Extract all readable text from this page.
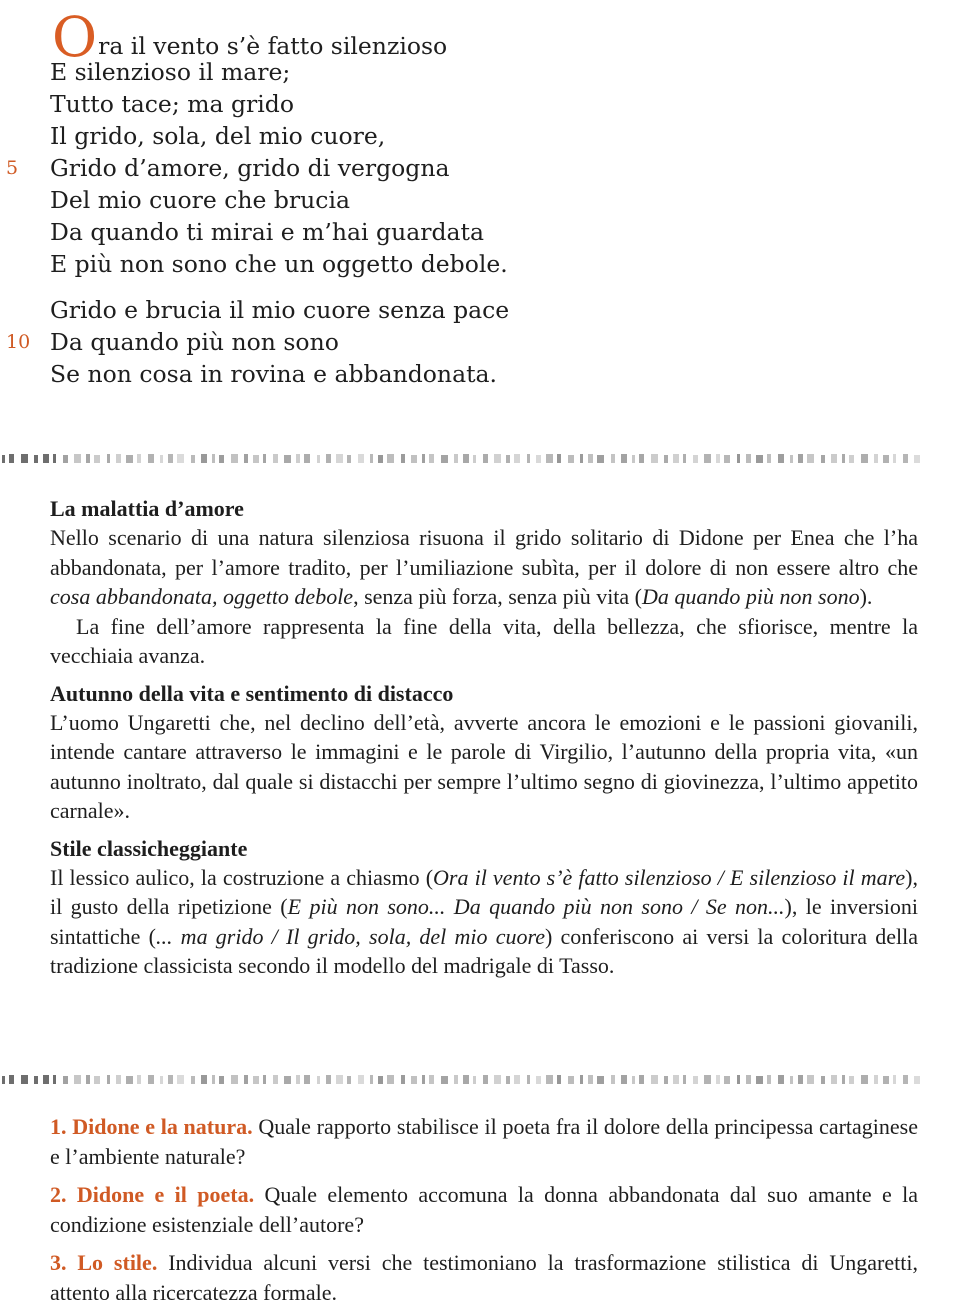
Ora il vento s’è fatto silenzioso
E silenzioso il mare;
Tutto tace; ma grido
Il grido, sola, del mio cuore,
5 Grido d’amore, grido di vergogna
Del mio cuore che brucia
Da quando ti mirai e m’hai guardata
E più non sono che un oggetto debole.
Grido e brucia il mio cuore senza pace
10 Da quando più non sono
Se non cosa in rovina e abbandonata.

La malattia d’amore

Nello scenario di una natura silenziosa risuona il grido solitario di Didone per Enea che l’ha abbandonata, per l’amore tradito, per l’umiliazione subìta, per il dolore di non essere altro che cosa abbandonata, oggetto debole, senza più forza, senza più vita (Da quando più non sono).

La fine dell’amore rappresenta la fine della vita, della bellezza, che sfiorisce, mentre la vecchiaia avanza.

Autunno della vita e sentimento di distacco

L’uomo Ungaretti che, nel declino dell’età, avverte ancora le emozioni e le passioni giovanili, intende cantare attraverso le immagini e le parole di Virgilio, l’autunno della propria vita, «un autunno inoltrato, dal quale si distacchi per sempre l’ultimo segno di giovinezza, l’ultimo appetito carnale».

Stile classicheggiante

Il lessico aulico, la costruzione a chiasmo (Ora il vento s’è fatto silenzioso / E silenzioso il mare), il gusto della ripetizione (E più non sono... Da quando più non sono / Se non...), le inversioni sintattiche (... ma grido / Il grido, sola, del mio cuore) conferiscono ai versi la coloritura della tradizione classicista secondo il modello del madrigale di Tasso.

1. Didone e la natura. Quale rapporto stabilisce il poeta fra il dolore della principessa cartaginese e l’ambiente naturale?

2. Didone e il poeta. Quale elemento accomuna la donna abbandonata dal suo amante e la condizione esistenziale dell’autore?

3. Lo stile. Individua alcuni versi che testimoniano la trasformazione stilistica di Ungaretti, attento alla ricercatezza formale.
